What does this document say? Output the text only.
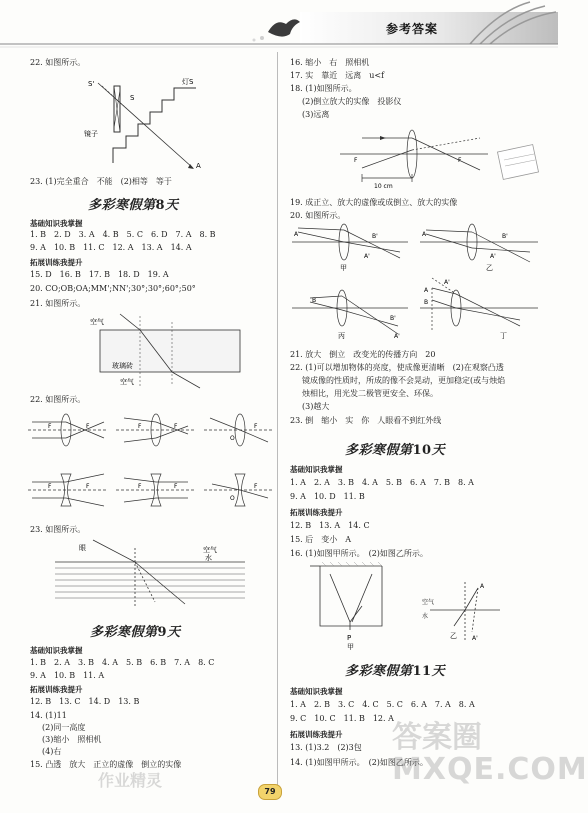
参考答案
22. 如图所示。
S'
S
灯S
镜子
A
23. (1)完全重合　不能　(2)相等　等于
多彩寒假第8天
基础知识我掌握
1. B　2. D　3. A　4. B　5. C　6. D　7. A　8. B
9. A　10. B　11. C　12. A　13. A　14. A
拓展训练我提升
15. D　16. B　17. B　18. D　19. A
20. CO;OB;OA;MM';NN';30°;30°;60°;50°
21. 如图所示。
空气
玻璃砖
空气
22. 如图所示。
F	F	F	F
O
F
F	F	F	F
O
F
23. 如图所示。
眼	空气
水
多彩寒假第9天
基础知识我掌握
1. B　2. A　3. B　4. A　5. B　6. B　7. A　8. C
9. A　10. B　11. A
拓展训练我提升
12. B　13. C　14. D　13. B
14. (1)11
(2)同一高度
(3)缩小　照相机
(4)右
15. 凸透　放大　正立的虚像　倒立的实像
16. 缩小　右　照相机
17. 实　靠近　远离　u<f
18. (1)如图所示。
(2)倒立放大的实像　投影仪
(3)远离
F	F
10 cm
19. 成正立、放大的虚像或成倒立、放大的实像
20. 如图所示。
A	B'
A'
甲
A	B'
A'
乙
B
B'
A'
丙
A
B
A'
丁
21. 放大　倒立　改变光的传播方向　20
22. (1)可以增加物体的亮度，使成像更清晰　(2)在观察凸透
镜成像的性质时，所成的像不会晃动，更加稳定(或与烛焰
烛相比，用光发二极管更安全、环保。
(3)越大
23. 倒　缩小　实　你　人眼看不到红外线
多彩寒假第10天
基础知识我掌握
1. A　2. A　3. B　4. A　5. B　6. A　7. B　8. A
9. A　10. D　11. B
拓展训练我提升
12. B　13. A　14. C
15. 后　变小　A
16. (1)如图甲所示。　(2)如图乙所示。
P
甲
空气
水
A
A'
乙
多彩寒假第11天
基础知识我掌握
1. A　2. B　3. C　4. C　5. C　6. A　7. A　8. A
9. C　10. C　11. B　12. A
拓展训练我提升
13. (1)3.2　(2)3包
14. (1)如图甲所示。　(2)如图乙所示。
答案圈
MXQE.COM
作业精灵
79
